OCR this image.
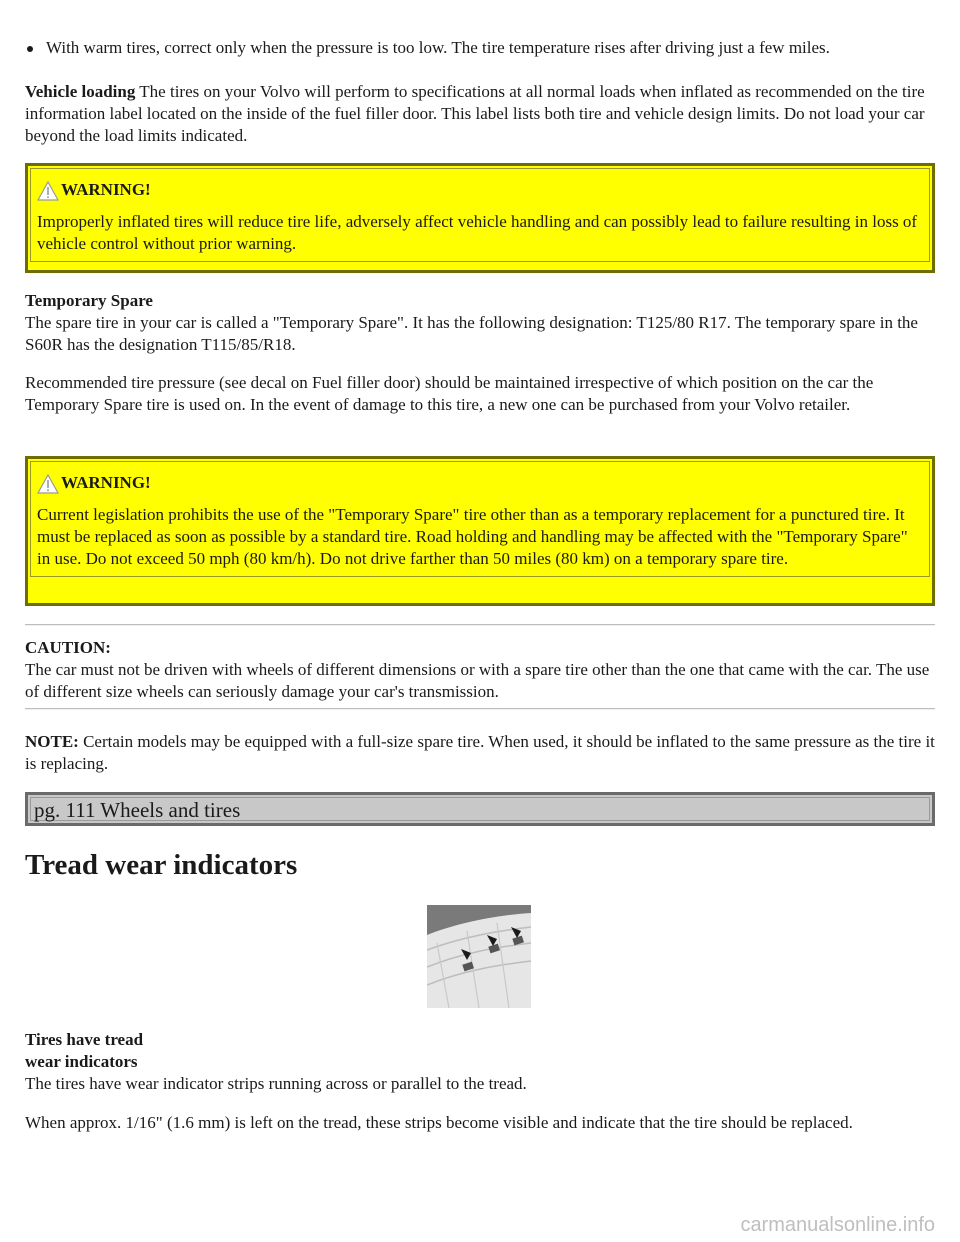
With warm tires, correct only when the pressure is too low. The tire temperature rises after driving just a few miles.

Vehicle loading The tires on your Volvo will perform to specifications at all normal loads when inflated as recommended on the tire information label located on the inside of the fuel filler door. This label lists both tire and vehicle design limits. Do not load your car beyond the load limits indicated.

WARNING!

Improperly inflated tires will reduce tire life, adversely affect vehicle handling and can possibly lead to failure resulting in loss of vehicle control without prior warning.

Temporary Spare

The spare tire in your car is called a "Temporary Spare". It has the following designation: T125/80 R17. The temporary spare in the S60R has the designation T115/85/R18.

Recommended tire pressure (see decal on Fuel filler door) should be maintained irrespective of which position on the car the Temporary Spare tire is used on. In the event of damage to this tire, a new one can be purchased from your Volvo retailer.

WARNING!

Current legislation prohibits the use of the "Temporary Spare" tire other than as a temporary replacement for a punctured tire. It must be replaced as soon as possible by a standard tire. Road holding and handling may be affected with the "Temporary Spare" in use. Do not exceed 50 mph (80 km/h). Do not drive farther than 50 miles (80 km) on a temporary spare tire.

CAUTION:

The car must not be driven with wheels of different dimensions or with a spare tire other than the one that came with the car. The use of different size wheels can seriously damage your car's transmission.

NOTE: Certain models may be equipped with a full-size spare tire. When used, it should be inflated to the same pressure as the tire it is replacing.

pg. 111 Wheels and tires
Tread wear indicators

Tires have tread

wear indicators

The tires have wear indicator strips running across or parallel to the tread.

When approx. 1/16" (1.6 mm) is left on the tread, these strips become visible and indicate that the tire should be replaced.

carmanualsonline.info
